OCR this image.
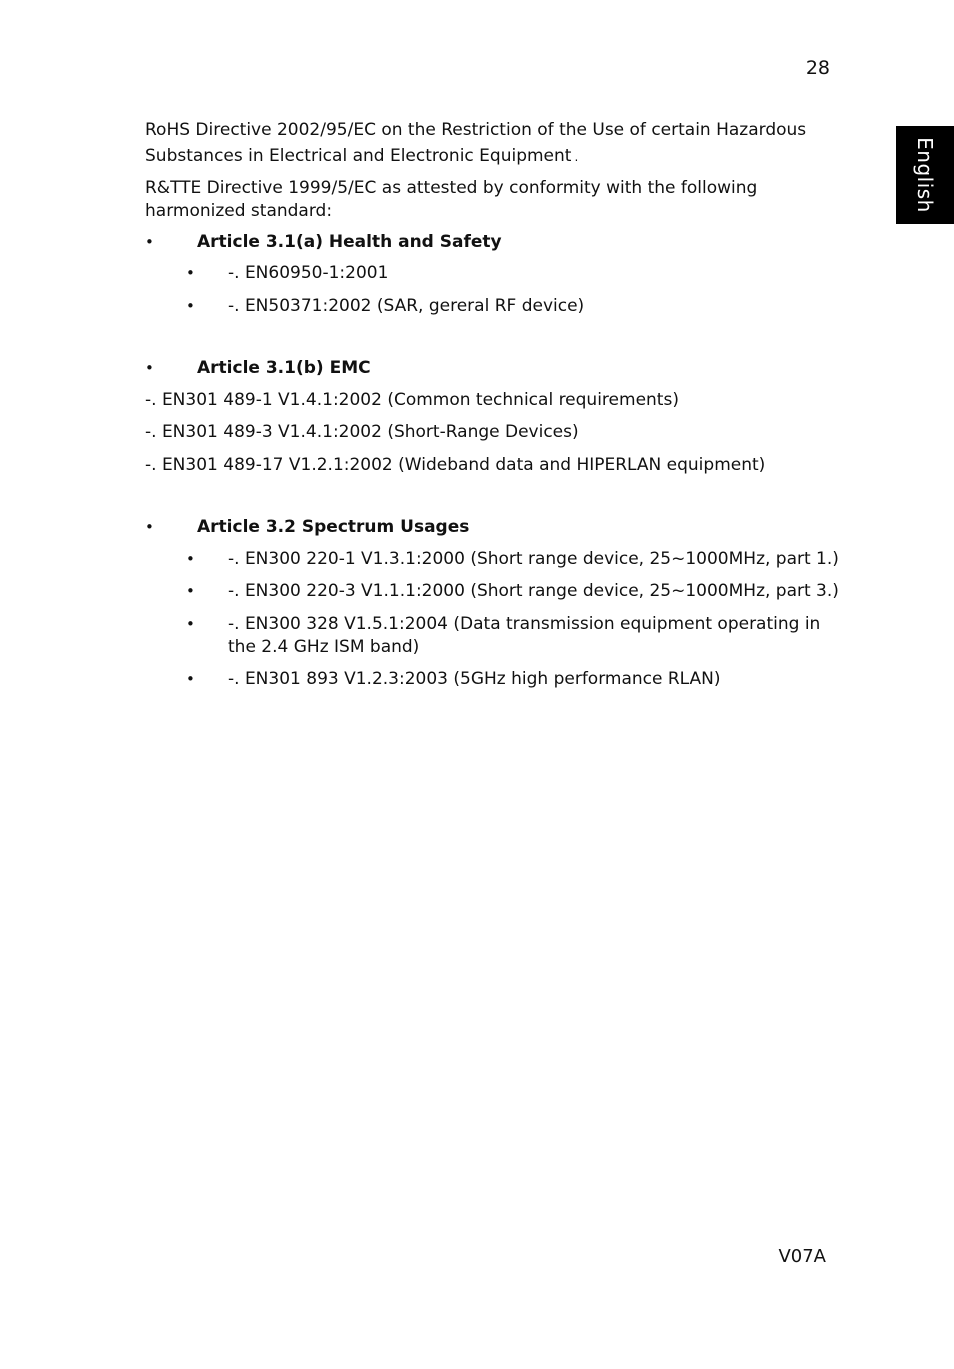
28
English
RoHS Directive 2002/95/EC on the Restriction of the Use of certain Hazardous
Substances in Electrical and Electronic Equipment .
R&TTE Directive 1999/5/EC as attested by conformity with the following
harmonized standard:
•	Article 3.1(a) Health and Safety
• -. EN60950-1:2001
• -. EN50371:2002 (SAR, gereral RF device)
•	Article 3.1(b) EMC
-. EN301 489-1 V1.4.1:2002 (Common technical requirements)
-. EN301 489-3 V1.4.1:2002 (Short-Range Devices)
-. EN301 489-17 V1.2.1:2002 (Wideband data and HIPERLAN equipment)
•	Article 3.2 Spectrum Usages
• -. EN300 220-1 V1.3.1:2000 (Short range device, 25~1000MHz, part 1.)
• -. EN300 220-3 V1.1.1:2000 (Short range device, 25~1000MHz, part 3.)
• -. EN300 328 V1.5.1:2004 (Data transmission equipment operating in
the 2.4 GHz ISM band)
• -. EN301 893 V1.2.3:2003 (5GHz high performance RLAN)
V07A
